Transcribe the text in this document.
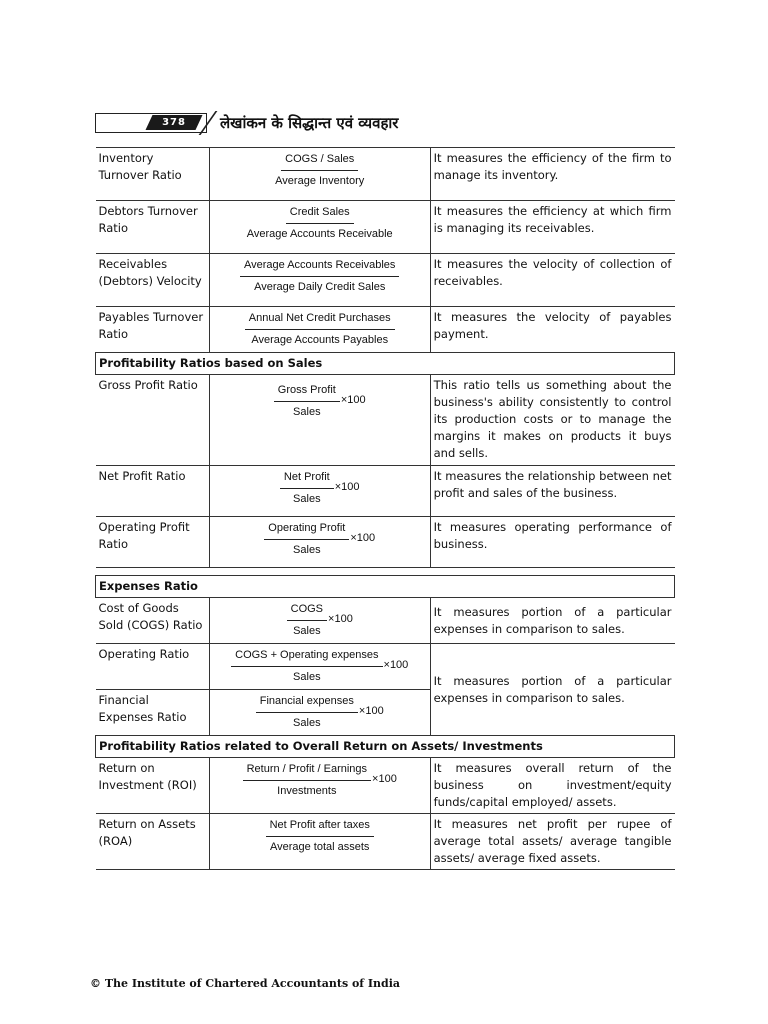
378	लेखांकन के सिद्धान्त एवं व्यवहार
Inventory Turnover Ratio	$\frac{\text{COGS / Sales}}{\text{Average Inventory}}$	It measures the efficiency of the firm to manage its inventory.
Debtors Turnover Ratio	$\frac{\text{Credit Sales}}{\text{Average Accounts Receivable}}$	It measures the efficiency at which firm is managing its receivables.
Receivables (Debtors) Velocity	$\frac{\text{Average Accounts Receivables}}{\text{Average Daily Credit Sales}}$	It measures the velocity of collection of receivables.
Payables Turnover Ratio	$\frac{\text{Annual Net Credit Purchases}}{\text{Average Accounts Payables}}$	It measures the velocity of payables payment.
Profitability Ratios based on Sales		
Gross Profit Ratio	$\frac{\text{Gross Profit}}{\text{Sales}} \times 100$	This ratio tells us something about the business's ability consistently to control its production costs or to manage the margins it makes on products it buys and sells.
Net Profit Ratio	$\frac{\text{Net Profit}}{\text{Sales}} \times 100$	It measures the relationship between net profit and sales of the business.
Operating Profit Ratio	$\frac{\text{Operating Profit}}{\text{Sales}} \times 100$	It measures operating performance of business.

Expenses Ratio		
Cost of Goods Sold (COGS) Ratio	$\frac{\text{COGS}}{\text{Sales}} \times 100$	It measures portion of a particular expenses in comparison to sales.
Operating Ratio	$\frac{\text{COGS + Operating expenses}}{\text{Sales}} \times 100$	It measures portion of a particular expenses in comparison to sales.
Financial Expenses Ratio	$\frac{\text{Financial expenses}}{\text{Sales}} \times 100$	

Profitability Ratios related to Overall Return on Assets/ Investments		
Return on Investment (ROI)	$\frac{\text{Return / Profit / Earnings}}{\text{Investments}} \times 100$	It measures overall return of the business on investment/equity funds/capital employed/ assets.
Return on Assets (ROA)	$\frac{\text{Net Profit after taxes}}{\text{Average total assets}}$	It measures net profit per rupee of average total assets/ average tangible assets/ average fixed assets.
© The Institute of Chartered Accountants of India
